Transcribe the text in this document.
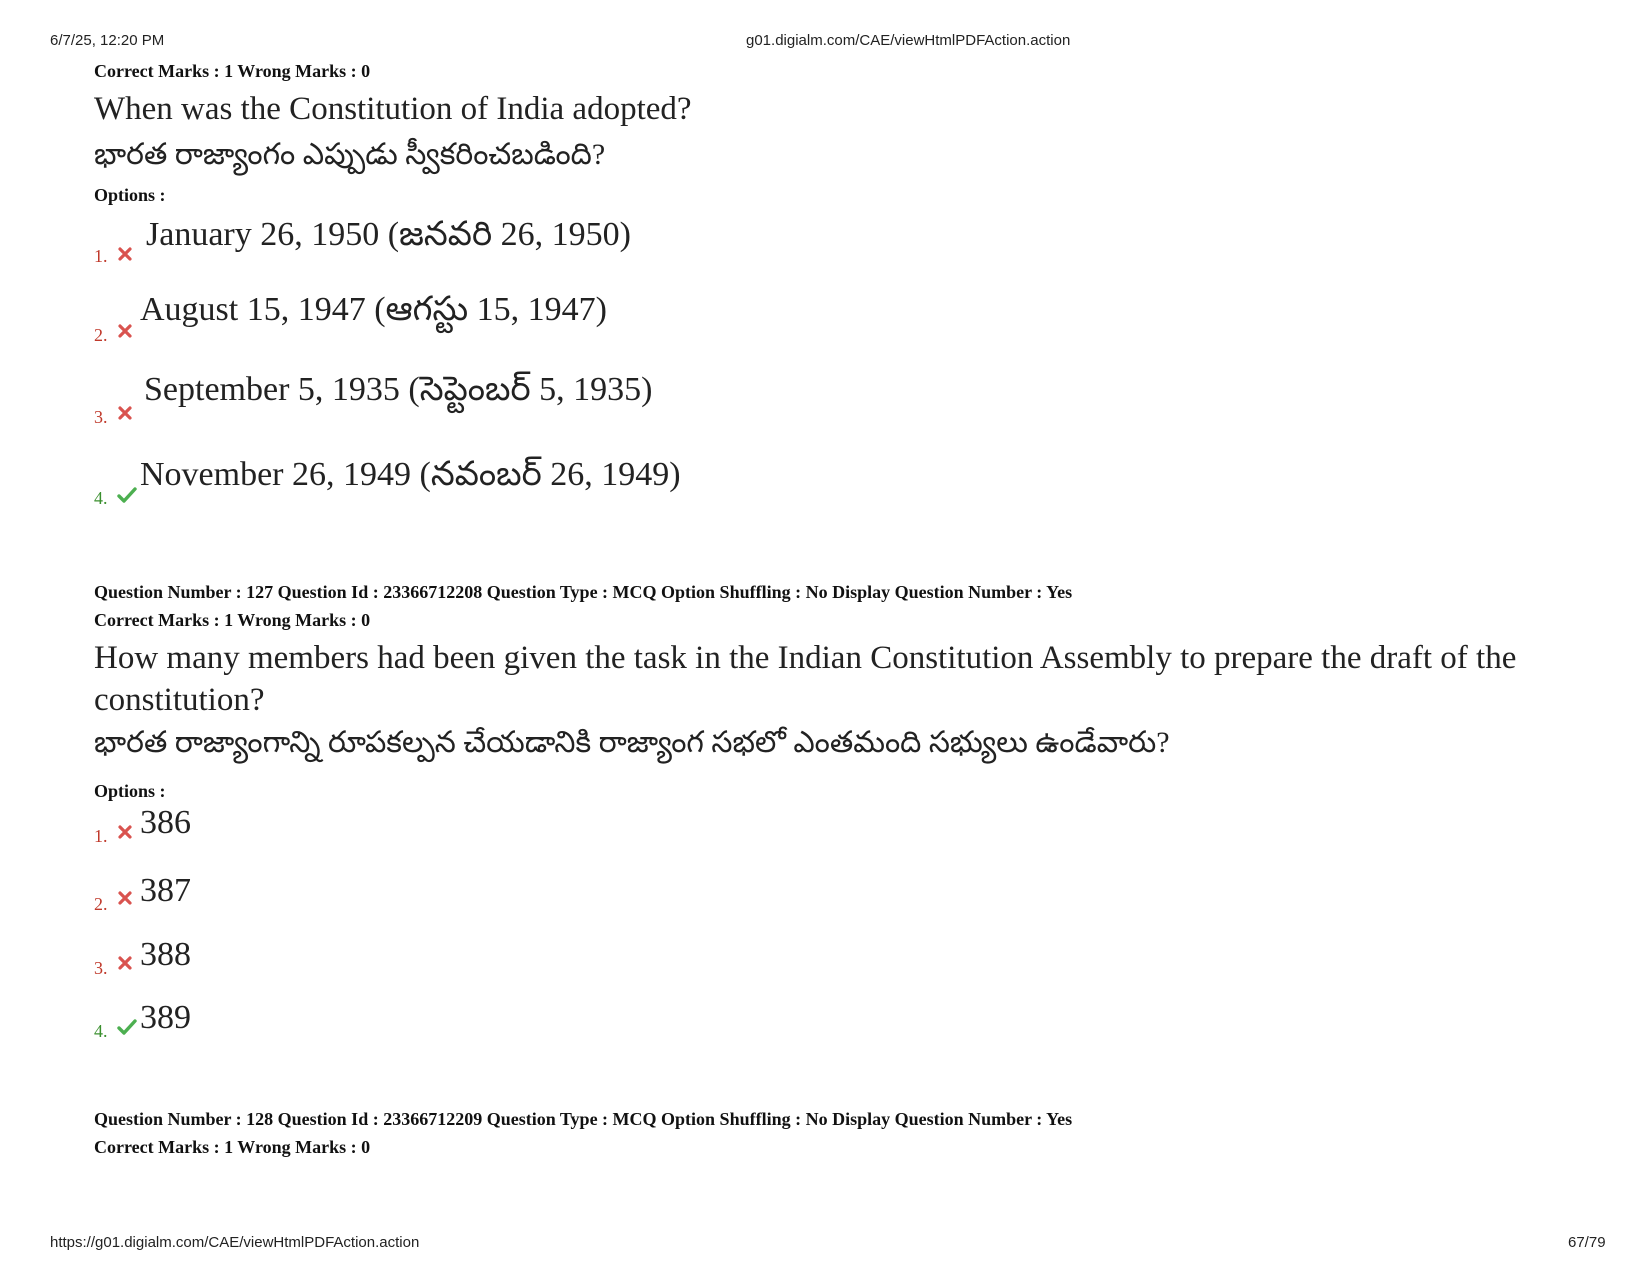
6/7/25, 12:20 PM	g01.digialm.com/CAE/viewHtmlPDFAction.action
Correct Marks : 1 Wrong Marks : 0
When was the Constitution of India adopted?
భారత రాజ్యాంగం ఎప్పుడు స్వీకరించబడింది?
Options :
1.
January 26, 1950 (జనవరి 26, 1950)
2.
August 15, 1947 (ఆగస్టు 15, 1947)
3.
September 5, 1935 (సెప్టెంబర్ 5, 1935)
4.
November 26, 1949 (నవంబర్ 26, 1949)
Question Number : 127 Question Id : 23366712208 Question Type : MCQ Option Shuffling : No Display Question Number : Yes
Correct Marks : 1 Wrong Marks : 0
How many members had been given the task in the Indian Constitution Assembly to prepare the draft of the constitution?
భారత రాజ్యాంగాన్ని రూపకల్పన చేయడానికి రాజ్యాంగ సభలో ఎంతమంది సభ్యులు ఉండేవారు?
Options :
1. 386
2. 387
3. 388
4. 389
Question Number : 128 Question Id : 23366712209 Question Type : MCQ Option Shuffling : No Display Question Number : Yes
Correct Marks : 1 Wrong Marks : 0
https://g01.digialm.com/CAE/viewHtmlPDFAction.action	67/79
